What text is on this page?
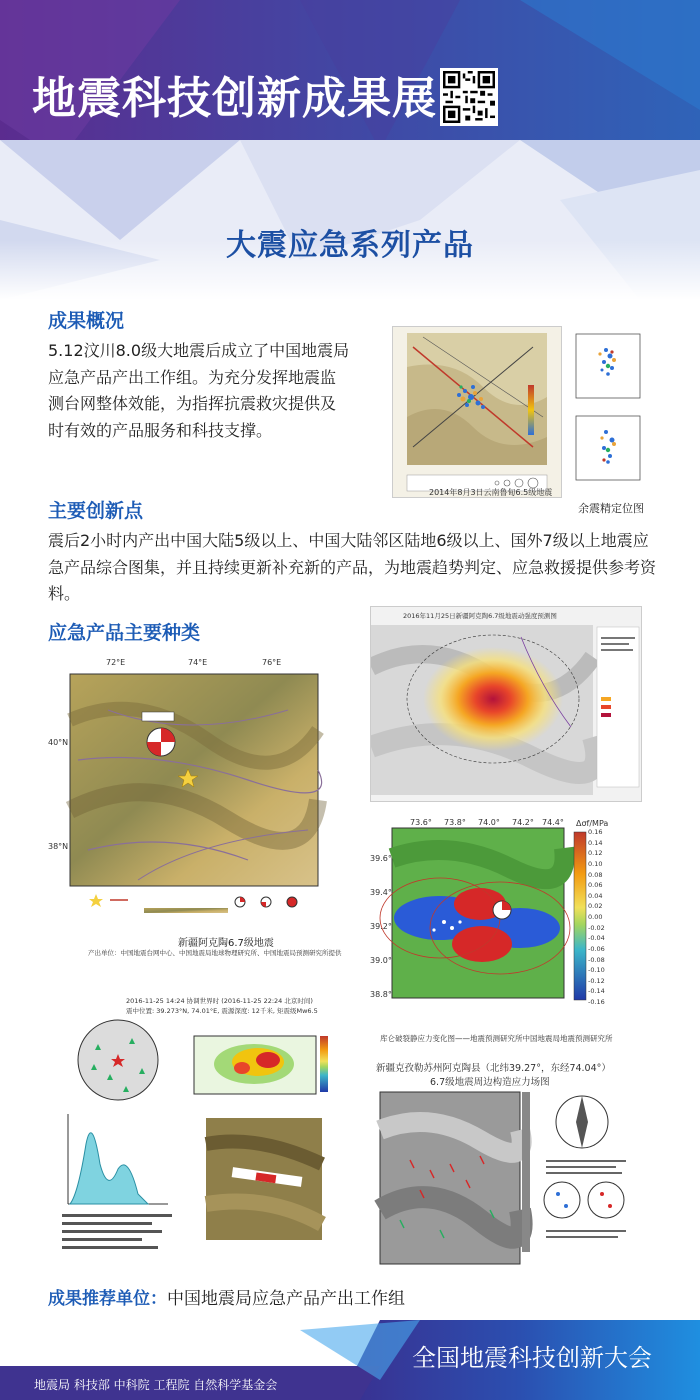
地震科技创新成果展
大震应急系列产品
成果概况
5.12汶川8.0级大地震后成立了中国地震局应急产品产出工作组。为充分发挥地震监测台网整体效能，为指挥抗震救灾提供及时有效的产品服务和科技支撑。
2014年8月3日云南鲁甸6.5级地震
余震精定位图
主要创新点
震后2小时内产出中国大陆5级以上、中国大陆邻区陆地6级以上、国外7级以上地震应急产品综合图集，并且持续更新补充新的产品，为地震趋势判定、应急救援提供参考资料。
应急产品主要种类
72°E	74°E	76°E
40°N
38°N
新疆阿克陶6.7级地震
产出单位：中国地震台网中心、中国地震局地球物理研究所、中国地震局预测研究所提供
2016年11月25日新疆阿克陶6.7级地震动强度预测图
73.6° 73.8° 74.0° 74.2° 74.4°
39.6°
39.4°
39.2°
39.0°
38.8°
Δσf/MPa
0.16
0.14
0.12
0.10
0.08
0.06
0.04
0.02
0.00
-0.02
-0.04
-0.06
-0.08
-0.10
-0.12
-0.14
-0.16
库仑破裂静应力变化图——地震预测研究所中国地震局地震预测研究所
2016-11-25 14:24 协调世界时 (2016-11-25 22:24 北京时间)
震中位置: 39.273°N, 74.01°E, 震源深度: 12千米, 矩震级Mw6.5
新疆克孜勒苏州阿克陶县（北纬39.27°，东经74.04°）
6.7级地震周边构造应力场图
成果推荐单位：中国地震局应急产品产出工作组
全国地震科技创新大会
地震局 科技部 中科院 工程院 自然科学基金会
